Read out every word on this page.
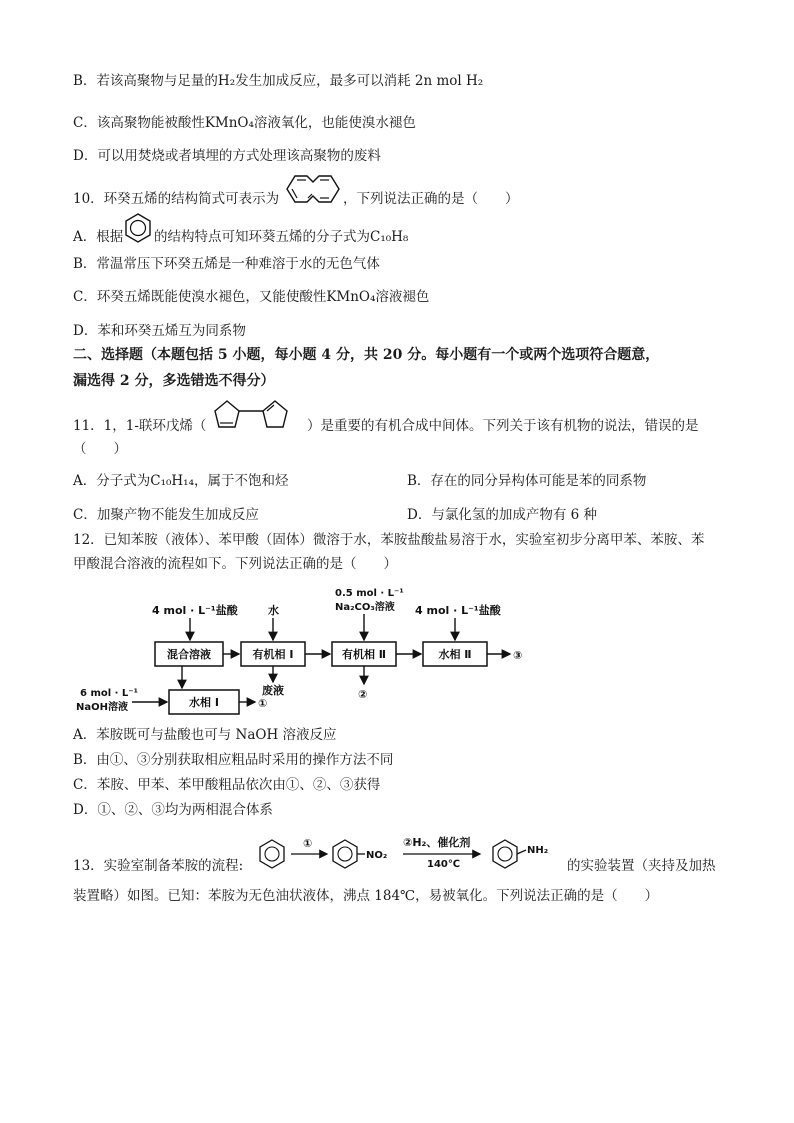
B．若该高聚物与足量的H₂发生加成反应，最多可以消耗 2n mol H₂
C．该高聚物能被酸性KMnO₄溶液氧化，也能使溴水褪色
D．可以用焚烧或者填埋的方式处理该高聚物的废料
10．环癸五烯的结构简式可表示为	，下列说法正确的是（　　）
A．根据 的结构特点可知环葵五烯的分子式为C₁₀H₈
B．常温常压下环癸五烯是一种难溶于水的无色气体
C．环癸五烯既能使溴水褪色，又能使酸性KMnO₄溶液褪色
D．苯和环癸五烯互为同系物
二、选择题（本题包括 5 小题，每小题 4 分，共 20 分。每小题有一个或两个选项符合题意，
漏选得 2 分，多选错选不得分）
11．1，1-联环戊烯（	）是重要的有机合成中间体。下列关于该有机物的说法，错误的是
（　　）
A．分子式为C₁₀H₁₄，属于不饱和烃	B．存在的同分异构体可能是苯的同系物
C．加聚产物不能发生加成反应	D．与氯化氢的加成产物有 6 种
12．已知苯胺（液体）、苯甲酸（固体）微溶于水，苯胺盐酸盐易溶于水，实验室初步分离甲苯、苯胺、苯
甲酸混合溶液的流程如下。下列说法正确的是（　　）
4 mol · L⁻¹盐酸	水
0.5 mol · L⁻¹
Na₂CO₃溶液 4 mol · L⁻¹盐酸
混合溶液	有机相 Ⅰ	有机相 Ⅱ	水相 Ⅱ	③
水相 Ⅰ
6 mol · L⁻¹
NaOH溶液	①
废液	②
A．苯胺既可与盐酸也可与 NaOH 溶液反应
B．由①、③分别获取相应粗品时采用的操作方法不同
C．苯胺、甲苯、苯甲酸粗品依次由①、②、③获得
D．①、②、③均为两相混合体系
13．实验室制备苯胺的流程:
①
NO₂
②H₂、催化剂
140℃
NH₂
的实验装置（夹持及加热
装置略）如图。已知：苯胺为无色油状液体，沸点 184℃，易被氧化。下列说法正确的是（　　）
